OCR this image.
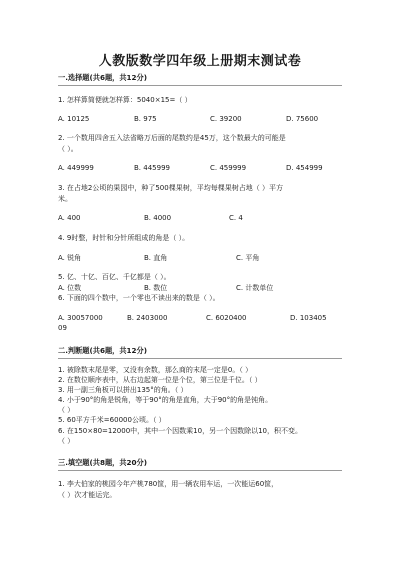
人教版数学四年级上册期末测试卷
一.选择题(共6题，共12分)
1. 怎样算简便就怎样算：5040×15=（ ）
A. 10125	B. 975	C. 39200	D. 75600
2. 一个数用四舍五入法省略万后面的尾数约是45万，这个数最大的可能是
（ ）。
A. 449999	B. 445999	C. 459999	D. 454999
3. 在占地2公顷的果园中，种了500棵果树，平均每棵果树占地（ ）平方
米。
A. 400	B. 4000	C. 4
4. 9时整，时针和分针所组成的角是（ ）。
A. 锐角	B. 直角	C. 平角
5. 亿、十亿、百亿、千亿都是（ ）。
A. 位数	B. 数位	C. 计数单位
6. 下面的四个数中，一个零也不读出来的数是（ ）。
A. 30057000	B. 2403000	C. 6020400	D. 103405
09
二.判断题(共6题，共12分)
1. 被除数末尾是零，又没有余数，那么商的末尾一定是0。（ ）
2. 在数位顺序表中，从右边起第一位是个位，第三位是千位。（ ）
3. 用一副三角板可以拼出135°的角。（ ）
4. 小于90°的角是锐角，等于90°的角是直角，大于90°的角是钝角。
（ ）
5. 60平方千米=60000公顷。（ ）
6. 在150×80=12000中，其中一个因数乘10，另一个因数除以10，积不变。
（ ）
三.填空题(共8题，共20分)
1. 李大伯家的桃园今年产桃780筐，用一辆农用车运，一次能运60筐，
（ ）次才能运完。
